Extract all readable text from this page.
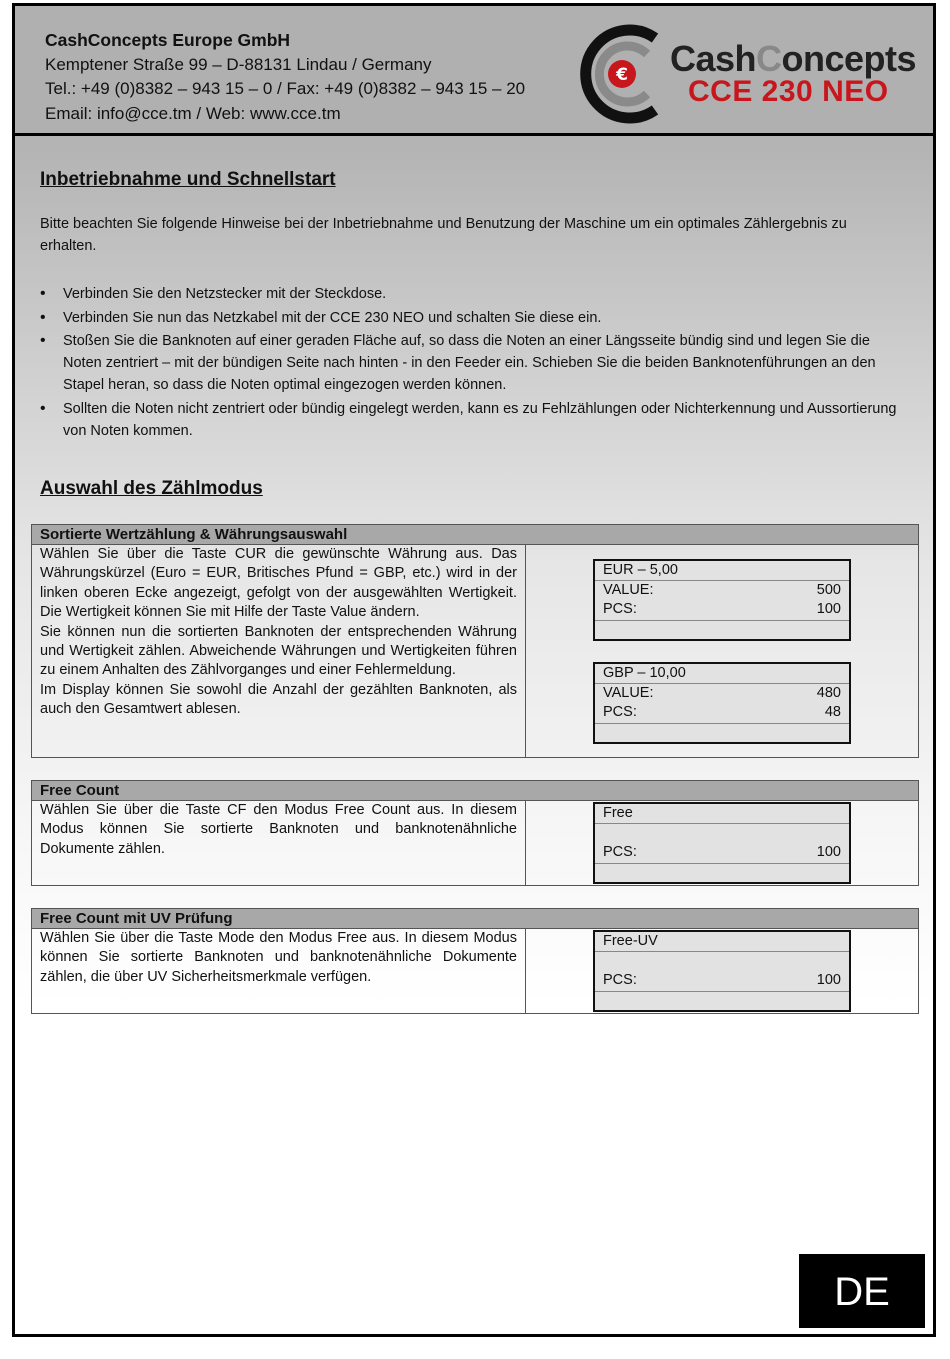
CashConcepts Europe GmbH
Kemptener Straße 99 – D-88131 Lindau / Germany
Tel.: +49 (0)8382 – 943 15 – 0 / Fax: +49 (0)8382 – 943 15 – 20
Email: info@cce.tm / Web: www.cce.tm
€ CashConcepts
CCE 230 NEO
Inbetriebnahme und Schnellstart
Bitte beachten Sie folgende Hinweise bei der Inbetriebnahme und Benutzung der Maschine um ein optimales Zählergebnis zu erhalten.
• Verbinden Sie den Netzstecker mit der Steckdose.
• Verbinden Sie nun das Netzkabel mit der CCE 230 NEO und schalten Sie diese ein.
• Stoßen Sie die Banknoten auf einer geraden Fläche auf, so dass die Noten an einer Längsseite bündig sind und legen Sie die Noten zentriert – mit der bündigen Seite nach hinten - in den Feeder ein. Schieben Sie die beiden Banknotenführungen an den Stapel heran, so dass die Noten optimal eingezogen werden können.
• Sollten die Noten nicht zentriert oder bündig eingelegt werden, kann es zu Fehlzählungen oder Nichterkennung und Aussortierung von Noten kommen.
Auswahl des Zählmodus
Sortierte Wertzählung & Währungsauswahl
Wählen Sie über die Taste CUR die gewünschte Währung aus. Das Währungskürzel (Euro = EUR, Britisches Pfund = GBP, etc.) wird in der linken oberen Ecke angezeigt, gefolgt von der ausgewählten Wertigkeit. Die Wertigkeit können Sie mit Hilfe der Taste Value ändern.
Sie können nun die sortierten Banknoten der entsprechenden Währung und Wertigkeit zählen. Abweichende Währungen und Wertigkeiten führen zu einem Anhalten des Zählvorganges und einer Fehlermeldung.
Im Display können Sie sowohl die Anzahl der gezählten Banknoten, als auch den Gesamtwert ablesen.
EUR – 5,00
VALUE:	500
PCS:	100
GBP – 10,00
VALUE:	480
PCS:	48
Free Count
Wählen Sie über die Taste CF den Modus Free Count aus. In diesem Modus können Sie sortierte Banknoten und banknotenähnliche Dokumente zählen.
Free
PCS:	100
Free Count mit UV Prüfung
Wählen Sie über die Taste Mode den Modus Free aus. In diesem Modus können Sie sortierte Banknoten und banknotenähnliche Dokumente zählen, die über UV Sicherheitsmerkmale verfügen.
Free-UV
PCS:	100
DE
